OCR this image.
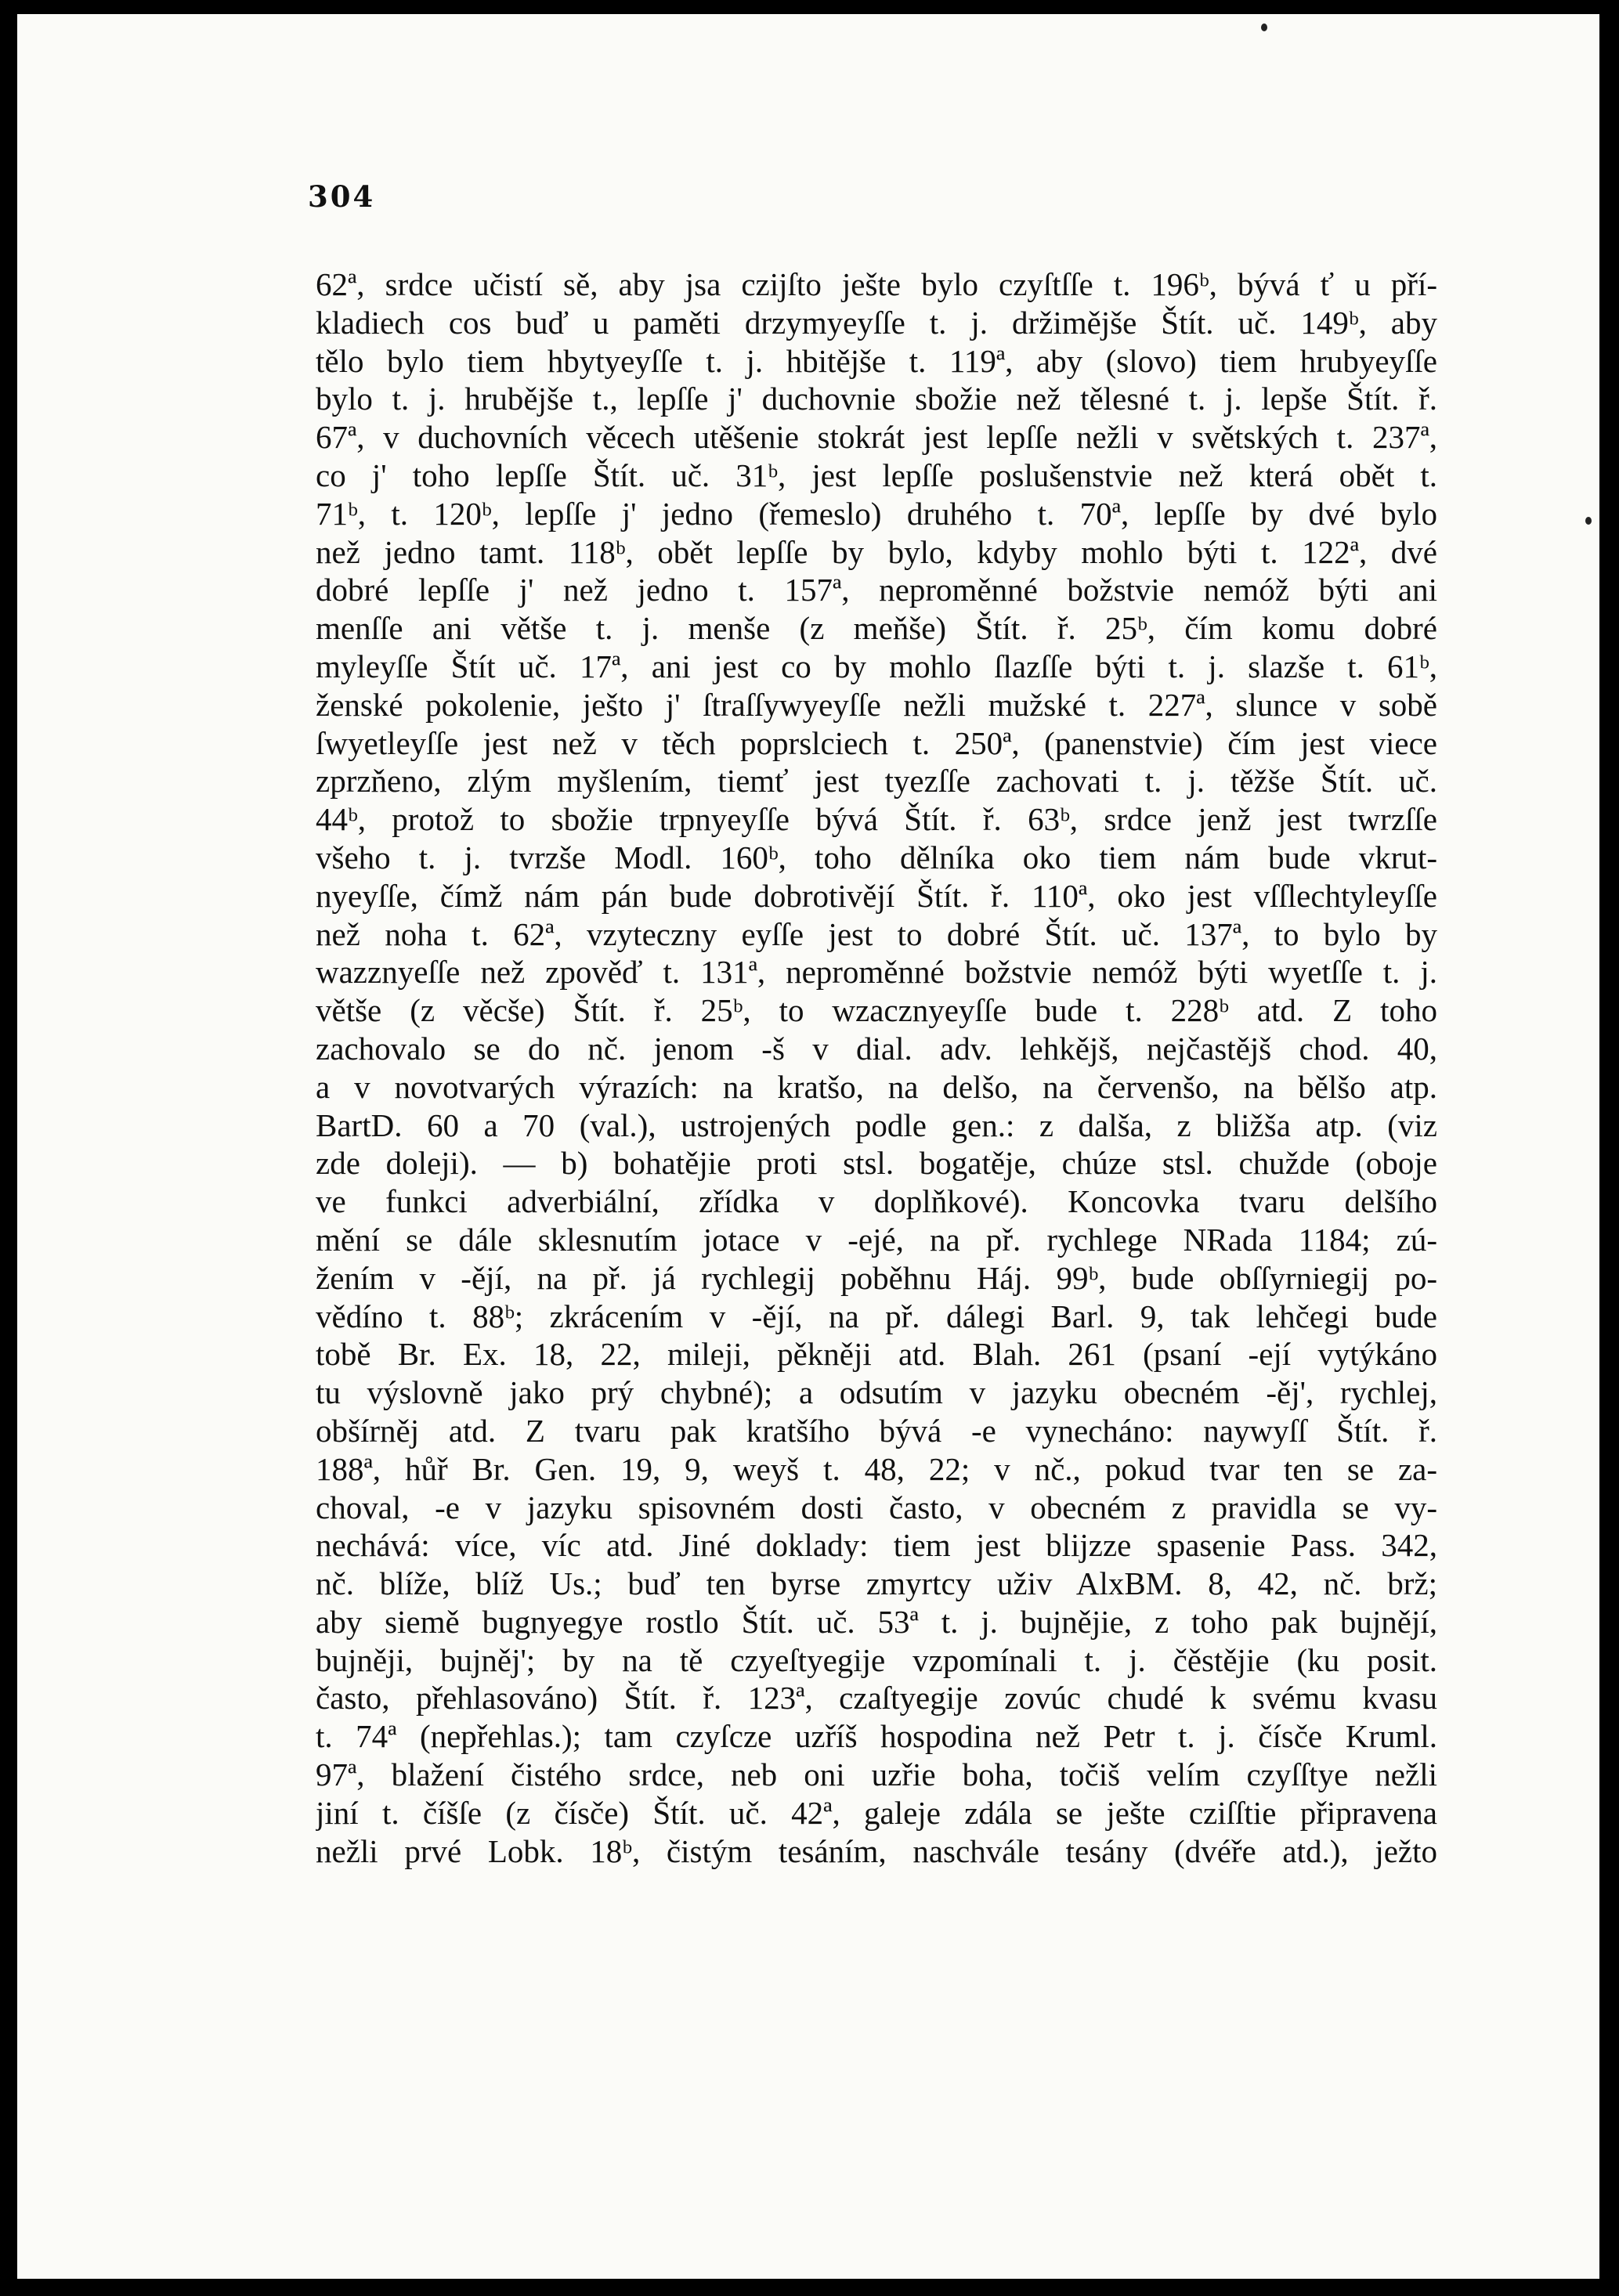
304
62ª, srdce učistí sě, aby jsa czijſto ješte bylo czyſtſſe t. 196ᵇ, bývá ť u pří-
kladiech cos buď u paměti drzymyeyſſe t. j. držimějše Štít. uč. 149ᵇ, aby
tělo bylo tiem hbytyeyſſe t. j. hbitějše t. 119ª, aby (slovo) tiem hrubyeyſſe
bylo t. j. hrubějše t., lepſſe j' duchovnie sbožie než tělesné t. j. lepše Štít. ř.
67ª, v duchovních věcech utěšenie stokrát jest lepſſe nežli v světských t. 237ª,
co j' toho lepſſe Štít. uč. 31ᵇ, jest lepſſe poslušenstvie než která obět t.
71ᵇ, t. 120ᵇ, lepſſe j' jedno (řemeslo) druhého t. 70ª, lepſſe by dvé bylo
než jedno tamt. 118ᵇ, obět lepſſe by bylo, kdyby mohlo býti t. 122ª, dvé
dobré lepſſe j' než jedno t. 157ª, neproměnné božstvie nemóž býti ani
menſſe ani větše t. j. menše (z meňše) Štít. ř. 25ᵇ, čím komu dobré
myleyſſe Štít uč. 17ª, ani jest co by mohlo ſlazſſe býti t. j. slazše t. 61ᵇ,
ženské pokolenie, ješto j' ſtraſſywyeyſſe nežli mužské t. 227ª, slunce v sobě
ſwyetleyſſe jest než v těch poprslciech t. 250ª, (panenstvie) čím jest viece
zprzňeno, zlým myšlením, tiemť jest tyezſſe zachovati t. j. těžše Štít. uč.
44ᵇ, protož to sbožie trpnyeyſſe bývá Štít. ř. 63ᵇ, srdce jenž jest twrzſſe
všeho t. j. tvrzše Modl. 160ᵇ, toho dělníka oko tiem nám bude vkrut-
nyeyſſe, čímž nám pán bude dobrotivějí Štít. ř. 110ª, oko jest vſſlechtyleyſſe
než noha t. 62ª, vzyteczny eyſſe jest to dobré Štít. uč. 137ª, to bylo by
wazznyeſſe než zpověď t. 131ª, neproměnné božstvie nemóž býti wyetſſe t. j.
větše (z věcše) Štít. ř. 25ᵇ, to wzacznyeyſſe bude t. 228ᵇ atd. Z toho
zachovalo se do nč. jenom -š v dial. adv. lehkějš, nejčastějš chod. 40,
a v novotvarých výrazích: na kratšo, na delšo, na červenšo, na bělšo atp.
BartD. 60 a 70 (val.), ustrojených podle gen.: z dalša, z bližša atp. (viz
zde doleji). — b) bohatějie proti stsl. bogatěje, chúze stsl. chužde (oboje
ve funkci adverbiální, zřídka v doplňkové). Koncovka tvaru delšího
mění se dále sklesnutím jotace v -ejé, na př. rychlege NRada 1184; zú-
žením v -ějí, na př. já rychlegij poběhnu Háj. 99ᵇ, bude obſſyrniegij po-
vědíno t. 88ᵇ; zkrácením v -ějí, na př. dálegi Barl. 9, tak lehčegi bude
tobě Br. Ex. 18, 22, mileji, pěkněji atd. Blah. 261 (psaní -ejí vytýkáno
tu výslovně jako prý chybné); a odsutím v jazyku obecném -ěj', rychlej,
obšírněj atd. Z tvaru pak kratšího bývá -e vynecháno: naywyſſ Štít. ř.
188ª, hůř Br. Gen. 19, 9, weyš t. 48, 22; v nč., pokud tvar ten se za-
choval, -e v jazyku spisovném dosti často, v obecném z pravidla se vy-
nechává: více, víc atd. Jiné doklady: tiem jest blijzze spasenie Pass. 342,
nč. blíže, blíž Us.; buď ten byrse zmyrtcy uživ AlxBM. 8, 42, nč. brž;
aby siemě bugnyegye rostlo Štít. uč. 53ª t. j. bujnějie, z toho pak bujnějí,
bujněji, bujněj'; by na tě czyeſtyegije vzpomínali t. j. čěstějie (ku posit.
často, přehlasováno) Štít. ř. 123ª, czaſtyegije zovúc chudé k svému kvasu
t. 74ª (nepřehlas.); tam czyſcze uzříš hospodina než Petr t. j. čísče Kruml.
97ª, blažení čistého srdce, neb oni uzřie boha, točiš velím czyſſtye nežli
jiní t. číšſe (z čísče) Štít. uč. 42ª, galeje zdála se ješte cziſſtie připravena
nežli prvé Lobk. 18ᵇ, čistým tesáním, naschvále tesány (dvéře atd.), ježto
